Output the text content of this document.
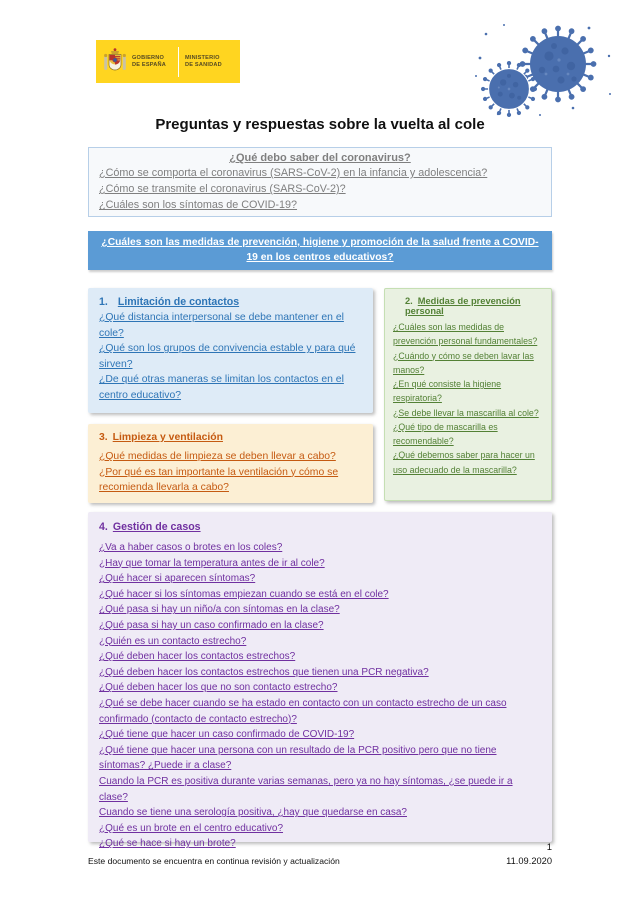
GOBIERNO DE ESPAÑA
MINISTERIO DE SANIDAD
Preguntas y respuestas sobre la vuelta al cole
¿Qué debo saber del coronavirus?
¿Cómo se comporta el coronavirus (SARS-CoV-2) en la infancia y adolescencia?
¿Cómo se transmite el coronavirus (SARS-CoV-2)?
¿Cuáles son los síntomas de COVID-19?
¿Cuáles son las medidas de prevención, higiene y promoción de la salud frente a COVID-19 en los centros educativos?
1. Limitación de contactos
¿Qué distancia interpersonal se debe mantener en el cole?
¿Qué son los grupos de convivencia estable y para qué sirven?
¿De qué otras maneras se limitan los contactos en el centro educativo?
2. Medidas de prevención personal
¿Cuáles son las medidas de prevención personal fundamentales?
¿Cuándo y cómo se deben lavar las manos?
¿En qué consiste la higiene respiratoria?
¿Se debe llevar la mascarilla al cole?
¿Qué tipo de mascarilla es recomendable?
¿Qué debemos saber para hacer un uso adecuado de la mascarilla?
3. Limpieza y ventilación
¿Qué medidas de limpieza se deben llevar a cabo?
¿Por qué es tan importante la ventilación y cómo se recomienda llevarla a cabo?
4. Gestión de casos
¿Va a haber casos o brotes en los coles?
¿Hay que tomar la temperatura antes de ir al cole?
¿Qué hacer si aparecen síntomas?
¿Qué hacer si los síntomas empiezan cuando se está en el cole?
¿Qué pasa si hay un niño/a con síntomas en la clase?
¿Qué pasa si hay un caso confirmado en la clase?
¿Quién es un contacto estrecho?
¿Qué deben hacer los contactos estrechos?
¿Qué deben hacer los contactos estrechos que tienen una PCR negativa?
¿Qué deben hacer los que no son contacto estrecho?
¿Qué se debe hacer cuando se ha estado en contacto con un contacto estrecho de un caso confirmado (contacto de contacto estrecho)?
¿Qué tiene que hacer un caso confirmado de COVID-19?
¿Qué tiene que hacer una persona con un resultado de la PCR positivo pero que no tiene síntomas? ¿Puede ir a clase?
Cuando la PCR es positiva durante varias semanas, pero ya no hay síntomas, ¿se puede ir a clase?
Cuando se tiene una serología positiva, ¿hay que quedarse en casa?
¿Qué es un brote en el centro educativo?
¿Qué se hace si hay un brote?	1
Este documento se encuentra en continua revisión y actualización	11.09.2020
